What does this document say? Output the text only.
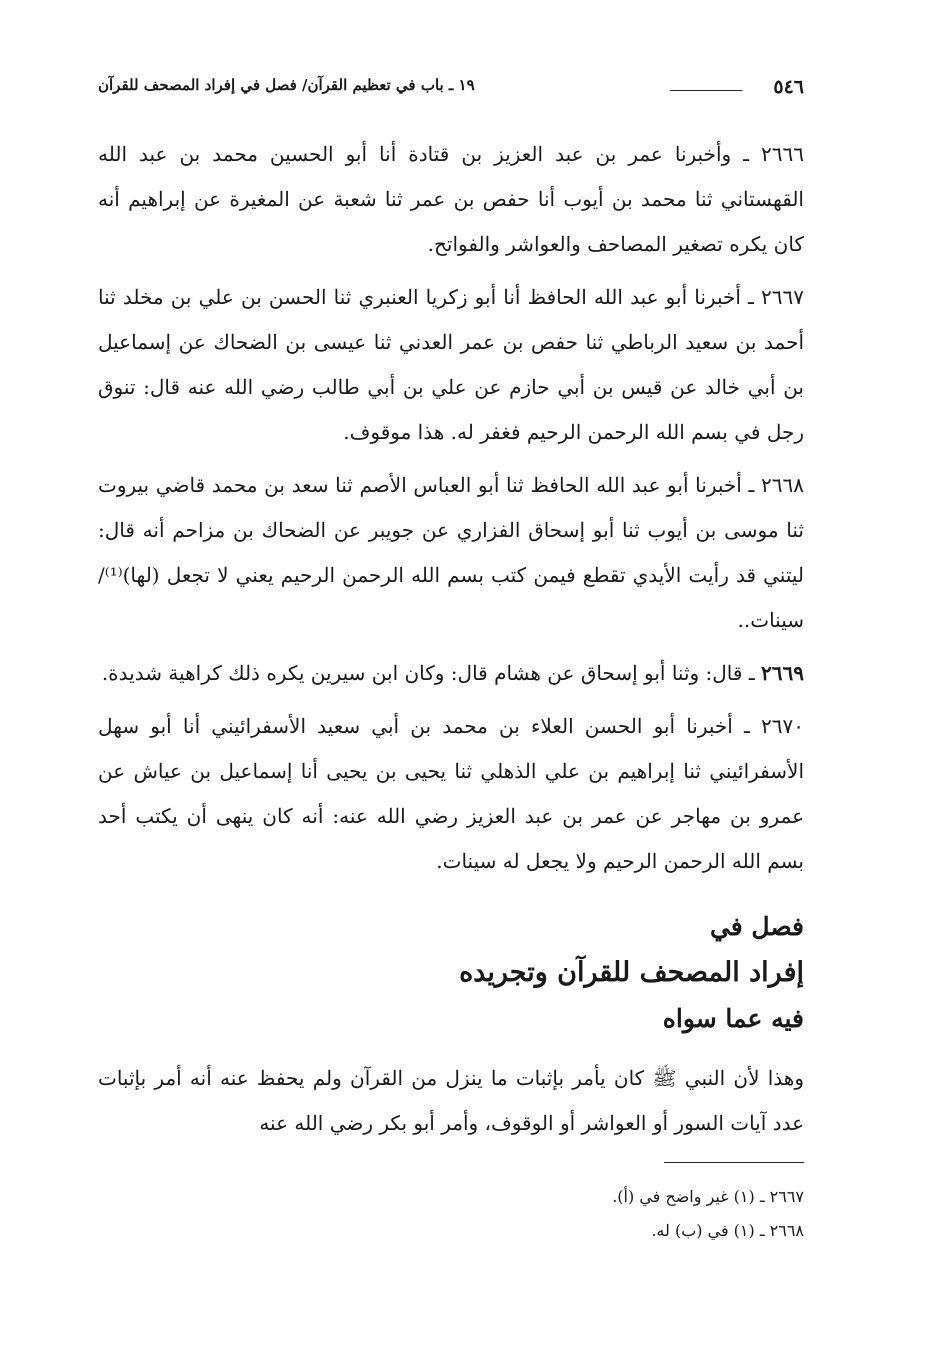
٥٤٦
١٩ ـ باب في تعظيم القرآن/ فصل في إفراد المصحف للقرآن

٢٦٦٦ ـ وأخبرنا عمر بن عبد العزيز بن قتادة أنا أبو الحسين محمد بن عبد الله القهستاني ثنا محمد بن أيوب أنا حفص بن عمر ثنا شعبة عن المغيرة عن إبراهيم أنه كان يكره تصغير المصاحف والعواشر والفواتح.

٢٦٦٧ ـ أخبرنا أبو عبد الله الحافظ أنا أبو زكريا العنبري ثنا الحسن بن علي بن مخلد ثنا أحمد بن سعيد الرباطي ثنا حفص بن عمر العدني ثنا عيسى بن الضحاك عن إسماعيل بن أبي خالد عن قيس بن أبي حازم عن علي بن أبي طالب رضي الله عنه قال: تنوق رجل في بسم الله الرحمن الرحيم فغفر له. هذا موقوف.

٢٦٦٨ ـ أخبرنا أبو عبد الله الحافظ ثنا أبو العباس الأصم ثنا سعد بن محمد قاضي بيروت ثنا موسى بن أيوب ثنا أبو إسحاق الفزاري عن جويبر عن الضحاك بن مزاحم أنه قال: ليتني قد رأيت الأيدي تقطع فيمن كتب بسم الله الرحمن الرحيم يعني لا تجعل (لها)⁽¹⁾/ سينات..

٢٦٦٩ ـ قال: وثنا أبو إسحاق عن هشام قال: وكان ابن سيرين يكره ذلك كراهية شديدة.

٢٦٧٠ ـ أخبرنا أبو الحسن العلاء بن محمد بن أبي سعيد الأسفرائيني أنا أبو سهل الأسفرائيني ثنا إبراهيم بن علي الذهلي ثنا يحيى بن يحيى أنا إسماعيل بن عياش عن عمرو بن مهاجر عن عمر بن عبد العزيز رضي الله عنه: أنه كان ينهى أن يكتب أحد بسم الله الرحمن الرحيم ولا يجعل له سينات.

فصل في
إفراد المصحف للقرآن وتجريده
فيه عما سواه

وهذا لأن النبي ﷺ كان يأمر بإثبات ما ينزل من القرآن ولم يحفظ عنه أنه أمر بإثبات عدد آيات السور أو العواشر أو الوقوف، وأمر أبو بكر رضي الله عنه

٢٦٦٧ ـ (١) غير واضح في (أ).
٢٦٦٨ ـ (١) في (ب) له.
